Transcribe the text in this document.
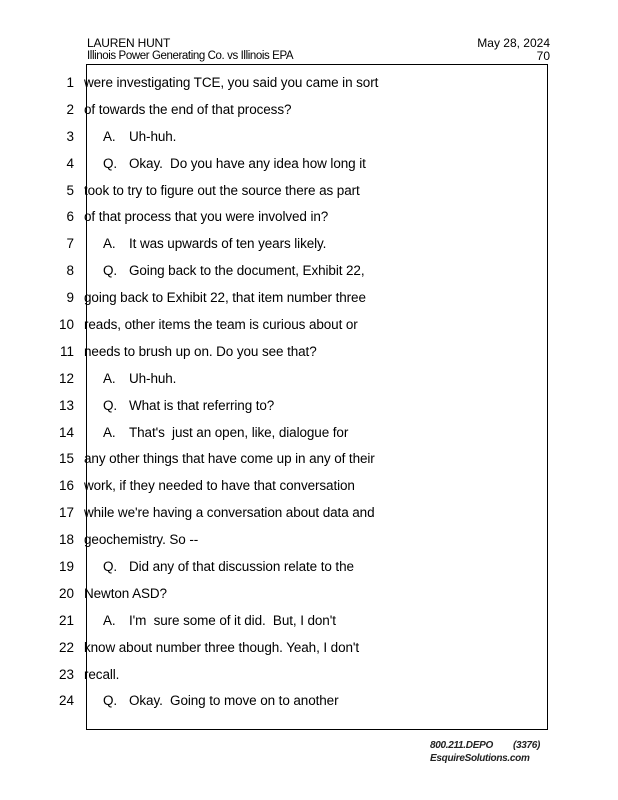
LAUREN HUNT
Illinois Power Generating Co. vs Illinois EPA
May 28, 2024
70
1 were investigating TCE, you said you came in sort
2 of towards the end of that process?
3 A. Uh-huh.
4 Q. Okay.  Do you have any idea how long it
5 took to try to figure out the source there as part
6 of that process that you were involved in?
7 A. It was upwards of ten years likely.
8 Q. Going back to the document, Exhibit 22,
9 going back to Exhibit 22, that item number three
10 reads, other items the team is curious about or
11 needs to brush up on. Do you see that?
12 A. Uh-huh.
13 Q. What is that referring to?
14 A. That's  just an open, like, dialogue for
15 any other things that have come up in any of their
16 work, if they needed to have that conversation
17 while we're having a conversation about data and
18 geochemistry. So --
19 Q. Did any of that discussion relate to the
20 Newton ASD?
21 A. I'm  sure some of it did.  But, I don't
22 know about number three though. Yeah, I don't
23 recall.
24 Q. Okay.  Going to move on to another
800.211.DEPO (3376)
EsquireSolutions.com
